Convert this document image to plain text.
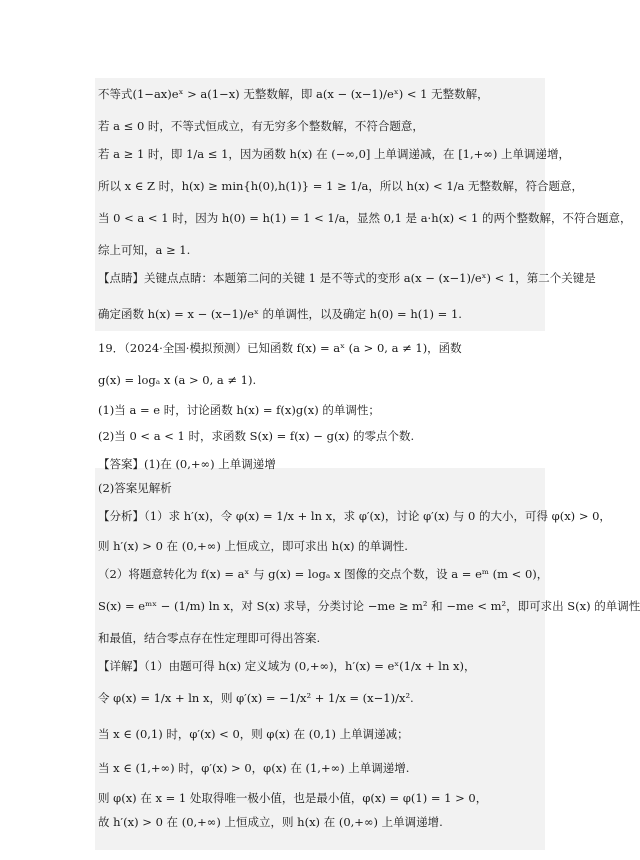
不等式(1−ax)eˣ > a(1−x) 无整数解，即 a(x − (x−1)/eˣ) < 1 无整数解，
若 a ≤ 0 时，不等式恒成立，有无穷多个整数解，不符合题意，
若 a ≥ 1 时，即 1/a ≤ 1，因为函数 h(x) 在 (−∞,0] 上单调递减，在 [1,+∞) 上单调递增，
所以 x ∈ Z 时，h(x) ≥ min{h(0),h(1)} = 1 ≥ 1/a，所以 h(x) < 1/a 无整数解，符合题意，
当 0 < a < 1 时，因为 h(0) = h(1) = 1 < 1/a，显然 0,1 是 a·h(x) < 1 的两个整数解，不符合题意，
综上可知，a ≥ 1.
【点睛】关键点点睛：本题第二问的关键 1 是不等式的变形 a(x − (x−1)/eˣ) < 1，第二个关键是
确定函数 h(x) = x − (x−1)/eˣ 的单调性，以及确定 h(0) = h(1) = 1.
19．（2024·全国·模拟预测）已知函数 f(x) = aˣ (a > 0, a ≠ 1)，函数
g(x) = logₐ x (a > 0, a ≠ 1).
(1)当 a = e 时，讨论函数 h(x) = f(x)g(x) 的单调性；
(2)当 0 < a < 1 时，求函数 S(x) = f(x) − g(x) 的零点个数.
【答案】(1)在 (0,+∞) 上单调递增
(2)答案见解析
【分析】（1）求 h′(x)，令 φ(x) = 1/x + ln x，求 φ′(x)，讨论 φ′(x) 与 0 的大小，可得 φ(x) > 0，
则 h′(x) > 0 在 (0,+∞) 上恒成立，即可求出 h(x) 的单调性.
（2）将题意转化为 f(x) = aˣ 与 g(x) = logₐ x 图像的交点个数，设 a = eᵐ (m < 0)，
S(x) = eᵐˣ − (1/m) ln x，对 S(x) 求导，分类讨论 −me ≥ m² 和 −me < m²，即可求出 S(x) 的单调性
和最值，结合零点存在性定理即可得出答案.
【详解】（1）由题可得 h(x) 定义域为 (0,+∞)，h′(x) = eˣ(1/x + ln x)，
令 φ(x) = 1/x + ln x，则 φ′(x) = −1/x² + 1/x = (x−1)/x².
当 x ∈ (0,1) 时，φ′(x) < 0，则 φ(x) 在 (0,1) 上单调递减；
当 x ∈ (1,+∞) 时，φ′(x) > 0，φ(x) 在 (1,+∞) 上单调递增.
则 φ(x) 在 x = 1 处取得唯一极小值，也是最小值，φ(x) = φ(1) = 1 > 0，
故 h′(x) > 0 在 (0,+∞) 上恒成立，则 h(x) 在 (0,+∞) 上单调递增.
